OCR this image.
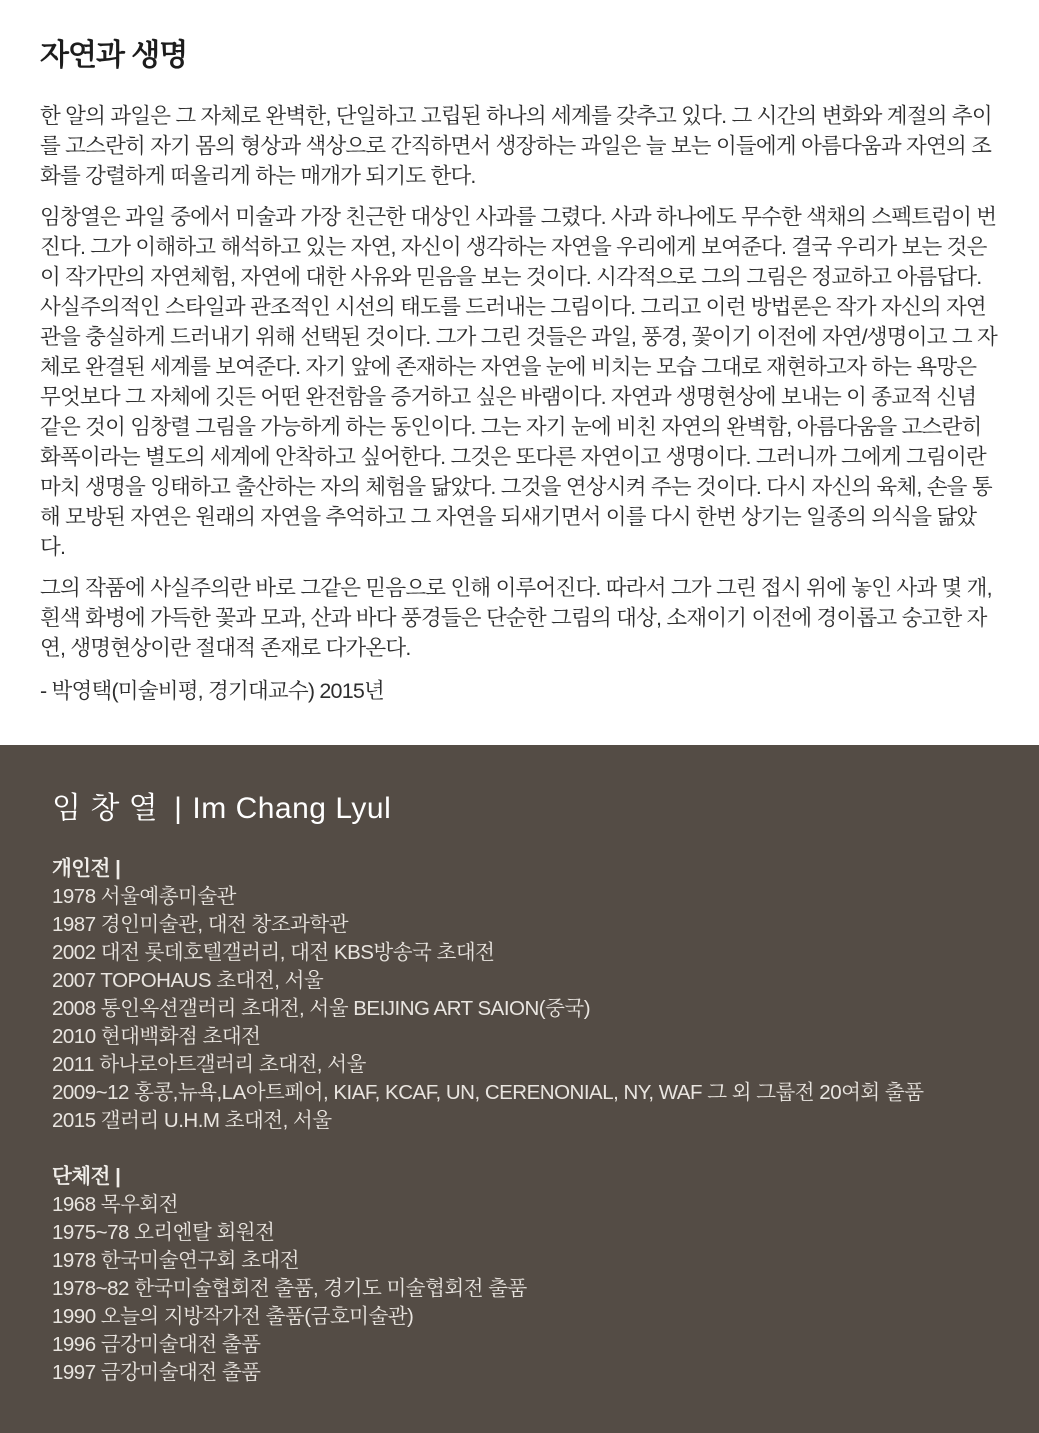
자연과 생명

한 알의 과일은 그 자체로 완벽한, 단일하고 고립된 하나의 세계를 갖추고 있다. 그 시간의 변화와 계절의 추이를 고스란히 자기 몸의 형상과 색상으로 간직하면서 생장하는 과일은 늘 보는 이들에게 아름다움과 자연의 조화를 강렬하게 떠올리게 하는 매개가 되기도 한다.

임창열은 과일 중에서 미술과 가장 친근한 대상인 사과를 그렸다. 사과 하나에도 무수한 색채의 스펙트럼이 번진다. 그가 이해하고 해석하고 있는 자연, 자신이 생각하는 자연을 우리에게 보여준다. 결국 우리가 보는 것은 이 작가만의 자연체험, 자연에 대한 사유와 믿음을 보는 것이다. 시각적으로 그의 그림은 정교하고 아름답다. 사실주의적인 스타일과 관조적인 시선의 태도를 드러내는 그림이다. 그리고 이런 방법론은 작가 자신의 자연관을 충실하게 드러내기 위해 선택된 것이다. 그가 그린 것들은 과일, 풍경, 꽃이기 이전에 자연/생명이고 그 자체로 완결된 세계를 보여준다. 자기 앞에 존재하는 자연을 눈에 비치는 모습 그대로 재현하고자 하는 욕망은 무엇보다 그 자체에 깃든 어떤 완전함을 증거하고 싶은 바램이다. 자연과 생명현상에 보내는 이 종교적 신념 같은 것이 임창렬 그림을 가능하게 하는 동인이다. 그는 자기 눈에 비친 자연의 완벽함, 아름다움을 고스란히 화폭이라는 별도의 세계에 안착하고 싶어한다. 그것은 또다른 자연이고 생명이다. 그러니까 그에게 그림이란 마치 생명을 잉태하고 출산하는 자의 체험을 닮았다. 그것을 연상시켜 주는 것이다. 다시 자신의 육체, 손을 통해 모방된 자연은 원래의 자연을 추억하고 그 자연을 되새기면서 이를 다시 한번 상기는 일종의 의식을 닮았다.

그의 작품에 사실주의란 바로 그같은 믿음으로 인해 이루어진다. 따라서 그가 그린 접시 위에 놓인 사과 몇 개, 흰색 화병에 가득한 꽃과 모과, 산과 바다 풍경들은 단순한 그림의 대상, 소재이기 이전에 경이롭고 숭고한 자연, 생명현상이란 절대적 존재로 다가온다.

- 박영택(미술비평, 경기대교수) 2015년
임 창 열 | Im Chang Lyul
개인전 |
1978 서울예총미술관
1987 경인미술관, 대전 창조과학관
2002 대전 롯데호텔갤러리, 대전 KBS방송국 초대전
2007 TOPOHAUS 초대전, 서울
2008 통인옥션갤러리 초대전, 서울 BEIJING ART SAION(중국)
2010 현대백화점 초대전
2011 하나로아트갤러리 초대전, 서울
2009~12 홍콩,뉴욕,LA아트페어, KIAF, KCAF, UN, CERENONIAL, NY, WAF 그 외 그룹전 20여회 출품
2015 갤러리 U.H.M 초대전, 서울
단체전 |
1968 목우회전
1975~78 오리엔탈 회원전
1978 한국미술연구회 초대전
1978~82 한국미술협회전 출품, 경기도 미술협회전 출품
1990 오늘의 지방작가전 출품(금호미술관)
1996 금강미술대전 출품
1997 금강미술대전 출품
